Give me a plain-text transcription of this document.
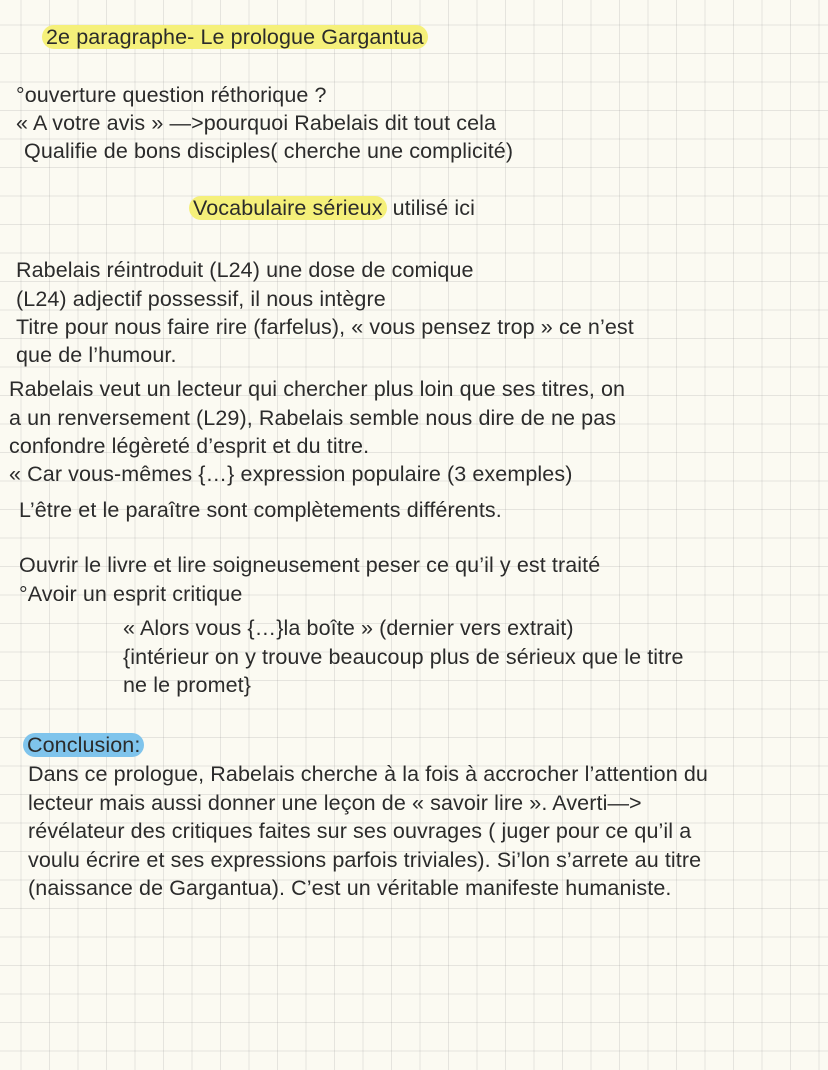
2e paragraphe- Le prologue Gargantua
°ouverture question réthorique ?
« A votre avis » —>pourquoi Rabelais dit tout cela
Qualifie de bons disciples( cherche une complicité)
Vocabulaire sérieux utilisé ici
Rabelais réintroduit (L24) une dose de comique
(L24) adjectif possessif, il nous intègre
Titre pour nous faire rire (farfelus), « vous pensez trop » ce n’est
que de l’humour.
Rabelais veut un lecteur qui chercher plus loin que ses titres, on
a un renversement (L29), Rabelais semble nous dire de ne pas
confondre légèreté d’esprit et du titre.
« Car vous-mêmes {…} expression populaire (3 exemples)
L’être et le paraître sont complètements différents.
Ouvrir le livre et lire soigneusement peser ce qu’il y est traité
°Avoir un esprit critique
« Alors vous {…}la boîte » (dernier vers extrait)
{intérieur on y trouve beaucoup plus de sérieux que le titre
ne le promet}
Conclusion:
Dans ce prologue, Rabelais cherche à la fois à accrocher l’attention du
lecteur mais aussi donner une leçon de « savoir lire ». Averti—>
révélateur des critiques faites sur ses ouvrages ( juger pour ce qu’il a
voulu écrire et ses expressions parfois triviales). Si’lon s’arrete au titre
(naissance de Gargantua). C’est un véritable manifeste humaniste.
